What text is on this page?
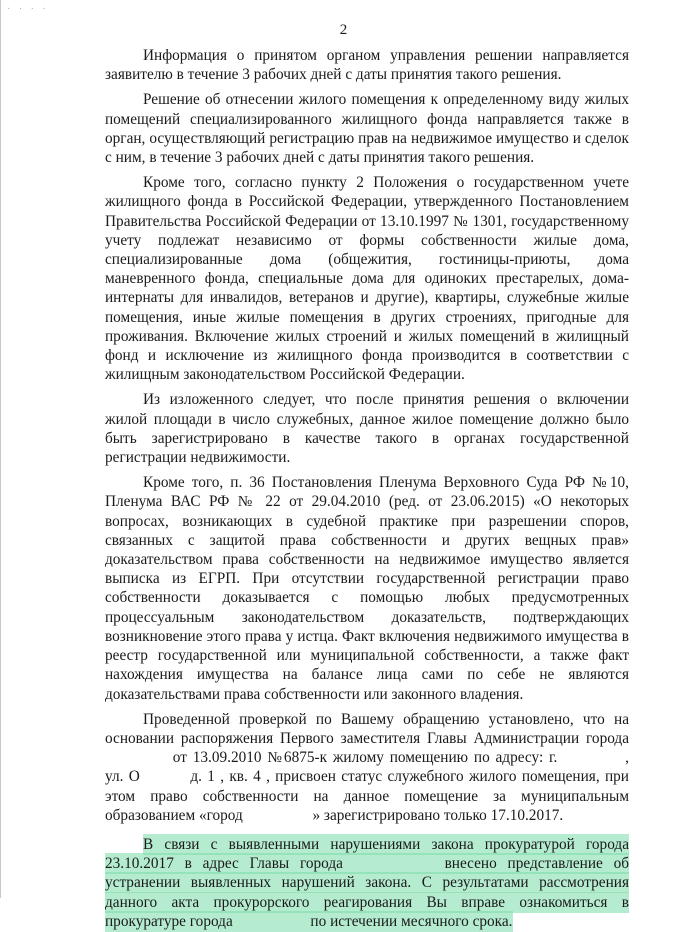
· · · ·
2

Информация о принятом органом управления решении направляется заявителю в течение 3 рабочих дней с даты принятия такого решения.

Решение об отнесении жилого помещения к определенному виду жилых помещений специализированного жилищного фонда направляется также в орган, осуществляющий регистрацию прав на недвижимое имущество и сделок с ним, в течение 3 рабочих дней с даты принятия такого решения.

Кроме того, согласно пункту 2 Положения о государственном учете жилищного фонда в Российской Федерации, утвержденного Постановлением Правительства Российской Федерации от 13.10.1997 № 1301, государственному учету подлежат независимо от формы собственности жилые дома, специализированные дома (общежития, гостиницы-приюты, дома маневренного фонда, специальные дома для одиноких престарелых, дома-интернаты для инвалидов, ветеранов и другие), квартиры, служебные жилые помещения, иные жилые помещения в других строениях, пригодные для проживания. Включение жилых строений и жилых помещений в жилищный фонд и исключение из жилищного фонда производится в соответствии с жилищным законодательством Российской Федерации.

Из изложенного следует, что после принятия решения о включении жилой площади в число служебных, данное жилое помещение должно было быть зарегистрировано в качестве такого в органах государственной регистрации недвижимости.

Кроме того, п. 36 Постановления Пленума Верховного Суда РФ №10, Пленума ВАС РФ № 22 от 29.04.2010 (ред. от 23.06.2015) «О некоторых вопросах, возникающих в судебной практике при разрешении споров, связанных с защитой права собственности и других вещных прав» доказательством права собственности на недвижимое имущество является выписка из ЕГРП. При отсутствии государственной регистрации право собственности доказывается с помощью любых предусмотренных процессуальным законодательством доказательств, подтверждающих возникновение этого права у истца. Факт включения недвижимого имущества в реестр государственной или муниципальной собственности, а также факт нахождения имущества на балансе лица сами по себе не являются доказательствами права собственности или законного владения.

Проведенной проверкой по Вашему обращению установлено, что на основании распоряжения Первого заместителя Главы Администрации города  от 13.09.2010 №6875-к жилому помещению по адресу: г.	, ул. О	д. 1 , кв. 4 , присвоен статус служебного жилого помещения, при этом право собственности на данное помещение за муниципальным образованием «город	» зарегистрировано только 17.10.2017.

В связи с выявленными нарушениями закона прокуратурой города 23.10.2017 в адрес Главы города	внесено представление об устранении выявленных нарушений закона. С результатами рассмотрения данного акта прокурорского реагирования Вы вправе ознакомиться в прокуратуре города	по истечении месячного срока.
